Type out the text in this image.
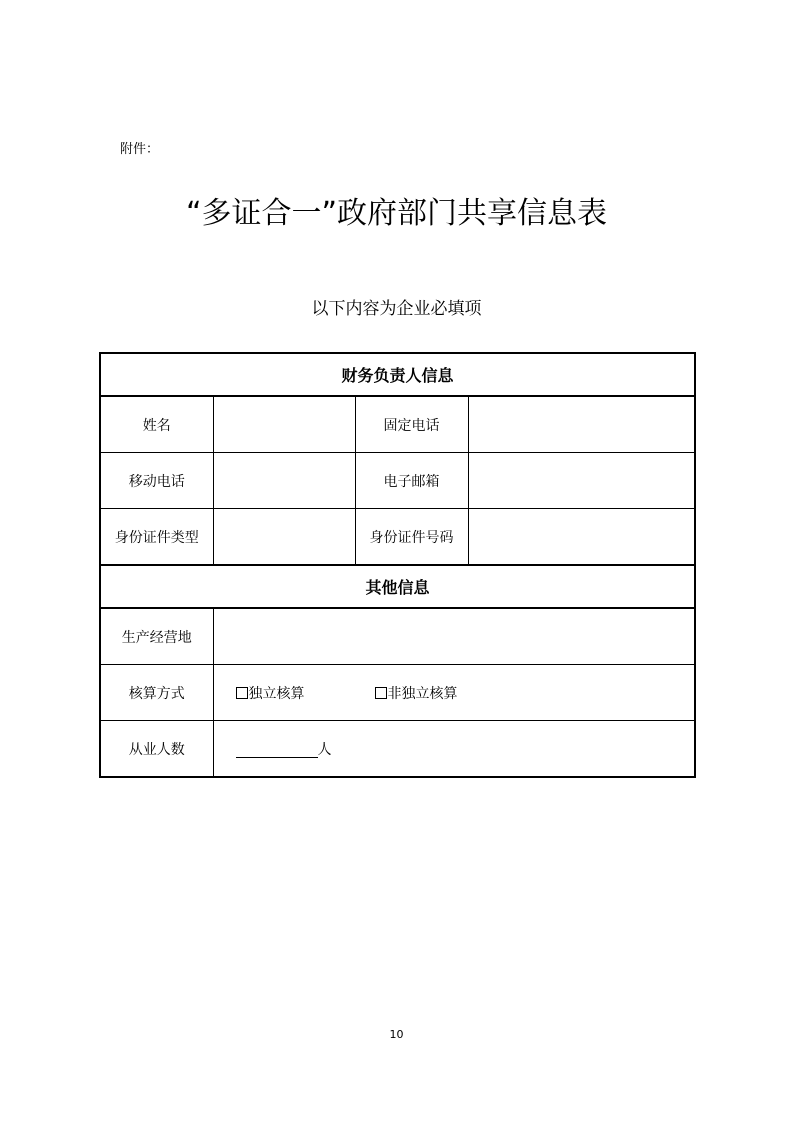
附件：
“多证合一”政府部门共享信息表
以下内容为企业必填项
财务负责人信息			
姓名		固定电话	
移动电话		电子邮箱	
身份证件类型		身份证件号码	
其他信息			
生产经营地			
核算方式	独立核算 非独立核算		
从业人数	人		
10
